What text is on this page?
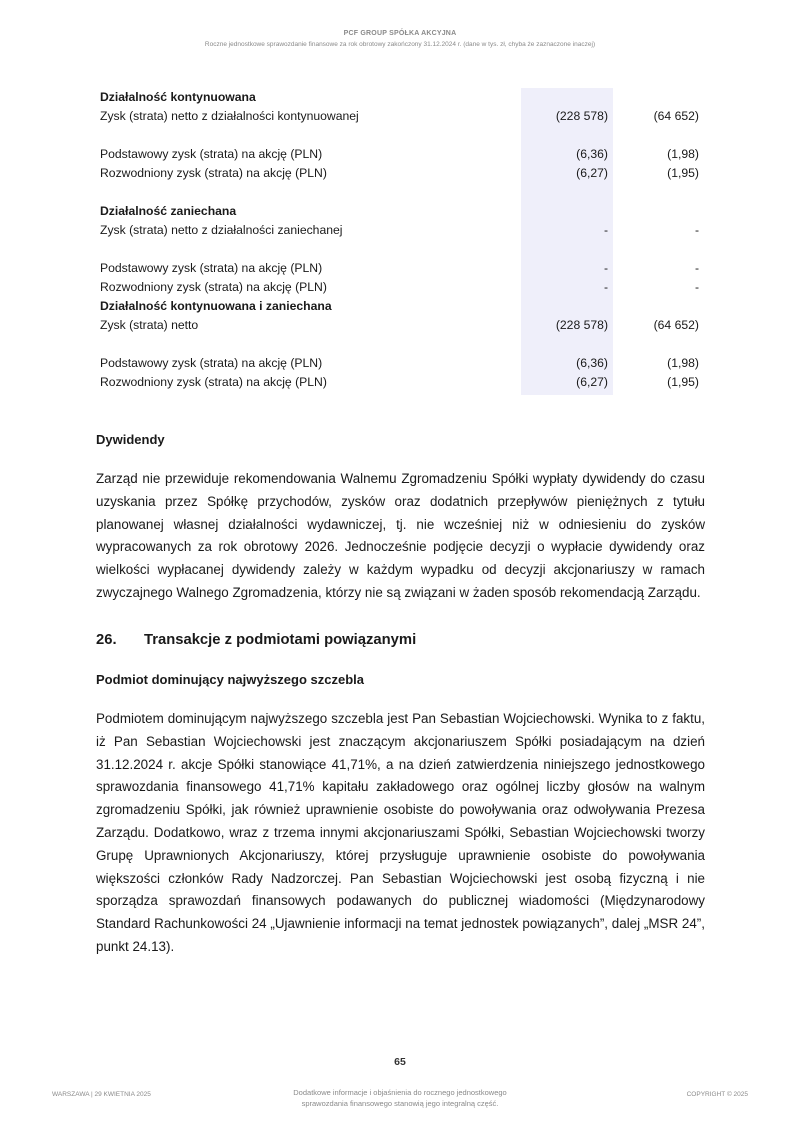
PCF GROUP SPÓŁKA AKCYJNA
Roczne jednostkowe sprawozdanie finansowe za rok obrotowy zakończony 31.12.2024 r. (dane w tys. zł, chyba że zaznaczone inaczej)
Działalność kontynuowana
Zysk (strata) netto z działalności kontynuowanej	(228 578)	(64 652)
Podstawowy zysk (strata) na akcję (PLN)	(6,36)	(1,98)
Rozwodniony zysk (strata) na akcję (PLN)	(6,27)	(1,95)
Działalność zaniechana
Zysk (strata) netto z działalności zaniechanej	-	-
Podstawowy zysk (strata) na akcję (PLN)	-	-
Rozwodniony zysk (strata) na akcję (PLN)	-	-
Działalność kontynuowana i zaniechana
Zysk (strata) netto	(228 578)	(64 652)
Podstawowy zysk (strata) na akcję (PLN)	(6,36)	(1,98)
Rozwodniony zysk (strata) na akcję (PLN)	(6,27)	(1,95)
Dywidendy

Zarząd nie przewiduje rekomendowania Walnemu Zgromadzeniu Spółki wypłaty dywidendy do czasu uzyskania przez Spółkę przychodów, zysków oraz dodatnich przepływów pieniężnych z tytułu planowanej własnej działalności wydawniczej, tj. nie wcześniej niż w odniesieniu do zysków wypracowanych za rok obrotowy 2026. Jednocześnie podjęcie decyzji o wypłacie dywidendy oraz wielkości wypłacanej dywidendy zależy w każdym wypadku od decyzji akcjonariuszy w ramach zwyczajnego Walnego Zgromadzenia, którzy nie są związani w żaden sposób rekomendacją Zarządu.

26. Transakcje z podmiotami powiązanymi
Podmiot dominujący najwyższego szczebla

Podmiotem dominującym najwyższego szczebla jest Pan Sebastian Wojciechowski. Wynika to z faktu, iż Pan Sebastian Wojciechowski jest znaczącym akcjonariuszem Spółki posiadającym na dzień 31.12.2024 r. akcje Spółki stanowiące 41,71%, a na dzień zatwierdzenia niniejszego jednostkowego sprawozdania finansowego 41,71% kapitału zakładowego oraz ogólnej liczby głosów na walnym zgromadzeniu Spółki, jak również uprawnienie osobiste do powoływania oraz odwoływania Prezesa Zarządu. Dodatkowo, wraz z trzema innymi akcjonariuszami Spółki, Sebastian Wojciechowski tworzy Grupę Uprawnionych Akcjonariuszy, której przysługuje uprawnienie osobiste do powoływania większości członków Rady Nadzorczej. Pan Sebastian Wojciechowski jest osobą fizyczną i nie sporządza sprawozdań finansowych podawanych do publicznej wiadomości (Międzynarodowy Standard Rachunkowości 24 „Ujawnienie informacji na temat jednostek powiązanych”, dalej „MSR 24”, punkt 24.13).

65
WARSZAWA | 29 KWIETNIA 2025	Dodatkowe informacje i objaśnienia do rocznego jednostkowego
sprawozdania finansowego stanowią jego integralną część.
COPYRIGHT © 2025
